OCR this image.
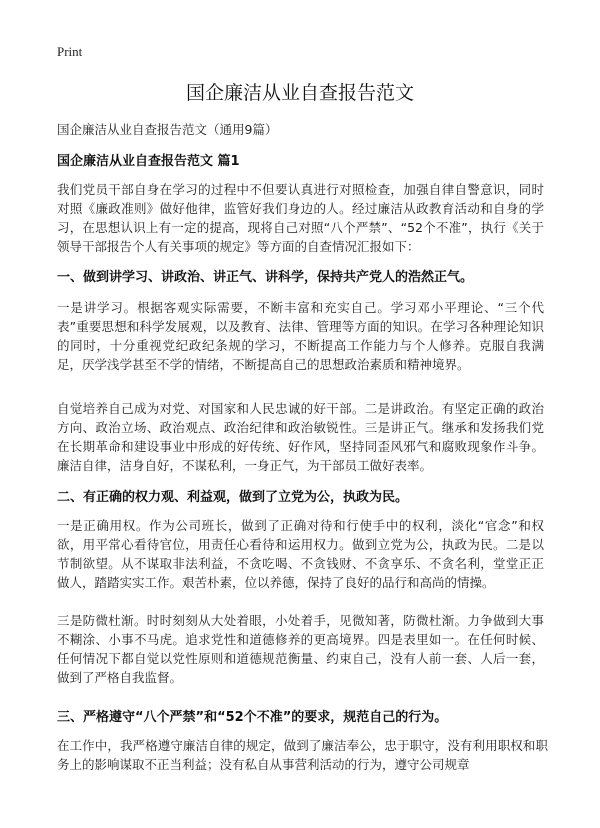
Print
国企廉洁从业自查报告范文
国企廉洁从业自查报告范文（通用9篇）
国企廉洁从业自查报告范文 篇1
我们党员干部自身在学习的过程中不但要认真进行对照检查，加强自律自警意识，同时对照《廉政准则》做好他律，监管好我们身边的人。经过廉洁从政教育活动和自身的学习，在思想认识上有一定的提高，现将自己对照“八个严禁”、“52个不准”，执行《关于领导干部报告个人有关事项的规定》等方面的自查情况汇报如下：
一、做到讲学习、讲政治、讲正气、讲科学，保持共产党人的浩然正气。
一是讲学习。根据客观实际需要，不断丰富和充实自己。学习邓小平理论、“三个代表”重要思想和科学发展观，以及教育、法律、管理等方面的知识。在学习各种理论知识的同时，十分重视党纪政纪条规的学习，不断提高工作能力与个人修养。克服自我满足，厌学浅学甚至不学的情绪，不断提高自己的思想政治素质和精神境界。
自觉培养自己成为对党、对国家和人民忠诚的好干部。二是讲政治。有坚定正确的政治方向、政治立场、政治观点、政治纪律和政治敏锐性。三是讲正气。继承和发扬我们党在长期革命和建设事业中形成的好传统、好作风，坚持同歪风邪气和腐败现象作斗争。廉洁自律，洁身自好，不谋私利，一身正气，为干部员工做好表率。
二、有正确的权力观、利益观，做到了立党为公，执政为民。
一是正确用权。作为公司班长，做到了正确对待和行使手中的权利，淡化“官念”和权欲，用平常心看待官位，用责任心看待和运用权力。做到立党为公，执政为民。二是以节制欲望。从不谋取非法利益，不贪吃喝、不贪钱财、不贪享乐、不贪名利，堂堂正正做人，踏踏实实工作。艰苦朴素，位以养德，保持了良好的品行和高尚的情操。
三是防微杜渐。时时刻刻从大处着眼，小处着手，见微知著，防微杜渐。力争做到大事不糊涂、小事不马虎。追求党性和道德修养的更高境界。四是表里如一。在任何时候、任何情况下都自觉以党性原则和道德规范衡量、约束自己，没有人前一套、人后一套，做到了严格自我监督。
三、严格遵守“八个严禁”和“52个不准”的要求，规范自己的行为。
在工作中，我严格遵守廉洁自律的规定，做到了廉洁奉公，忠于职守，没有利用职权和职务上的影响谋取不正当利益；没有私自从事营利活动的行为，遵守公司规章
